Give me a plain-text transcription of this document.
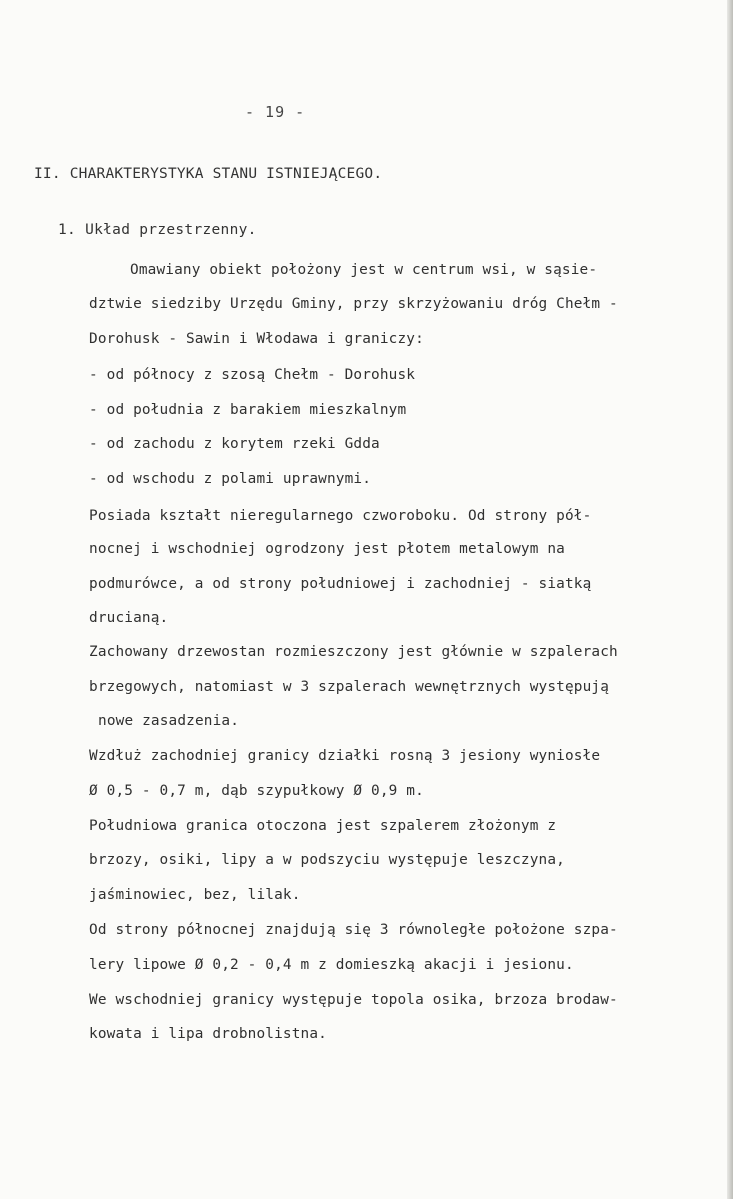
- 19 -
II. CHARAKTERYSTYKA STANU ISTNIEJĄCEGO.
1. Układ przestrzenny.
Omawiany obiekt położony jest w centrum wsi, w sąsie-
dztwie siedziby Urzędu Gminy, przy skrzyżowaniu dróg Chełm -
Dorohusk - Sawin i Włodawa i graniczy:
- od północy z szosą Chełm - Dorohusk
- od południa z barakiem mieszkalnym
- od zachodu z korytem rzeki Gdda
- od wschodu z polami uprawnymi.
Posiada kształt nieregularnego czworoboku. Od strony pół-
nocnej i wschodniej ogrodzony jest płotem metalowym na
podmurówce, a od strony południowej i zachodniej - siatką
drucianą.
Zachowany drzewostan rozmieszczony jest głównie w szpalerach
brzegowych, natomiast w 3 szpalerach wewnętrznych występują
nowe zasadzenia.
Wzdłuż zachodniej granicy działki rosną 3 jesiony wyniosłe
Ø 0,5 - 0,7 m, dąb szypułkowy Ø 0,9 m.
Południowa granica otoczona jest szpalerem złożonym z
brzozy, osiki, lipy a w podszyciu występuje leszczyna,
jaśminowiec, bez, lilak.
Od strony północnej znajdują się 3 równoległe położone szpa-
lery lipowe Ø 0,2 - 0,4 m z domieszką akacji i jesionu.
We wschodniej granicy występuje topola osika, brzoza brodaw-
kowata i lipa drobnolistna.
